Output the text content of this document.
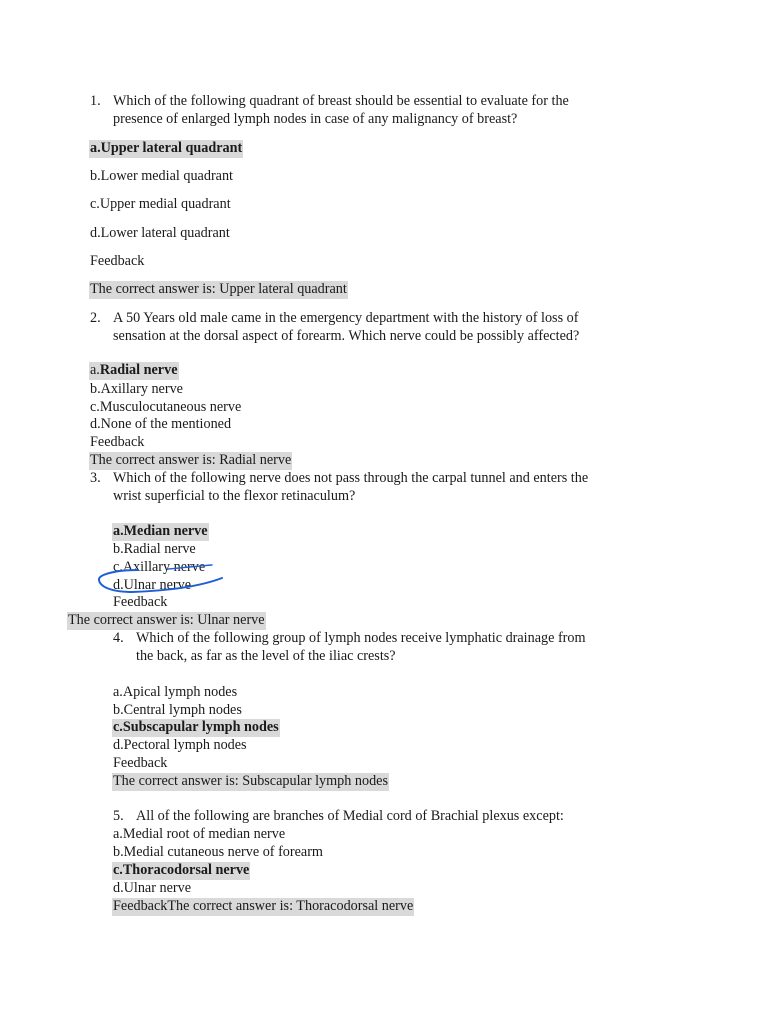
1. Which of the following quadrant of breast should be essential to evaluate for the
presence of enlarged lymph nodes in case of any malignancy of breast?
a.Upper lateral quadrant
b.Lower medial quadrant
c.Upper medial quadrant
d.Lower lateral quadrant
Feedback
The correct answer is: Upper lateral quadrant
2. A 50 Years old male came in the emergency department with the history of loss of
sensation at the dorsal aspect of forearm. Which nerve could be possibly affected?
a.Radial nerve
b.Axillary nerve
c.Musculocutaneous nerve
d.None of the mentioned
Feedback
The correct answer is: Radial nerve
3. Which of the following nerve does not pass through the carpal tunnel and enters the
wrist superficial to the flexor retinaculum?
a.Median nerve
b.Radial nerve
c.Axillary nerve
d.Ulnar nerve
Feedback
The correct answer is: Ulnar nerve
4. Which of the following group of lymph nodes receive lymphatic drainage from
the back, as far as the level of the iliac crests?
a.Apical lymph nodes
b.Central lymph nodes
c.Subscapular lymph nodes
d.Pectoral lymph nodes
Feedback
The correct answer is: Subscapular lymph nodes
5. All of the following are branches of Medial cord of Brachial plexus except:
a.Medial root of median nerve
b.Medial cutaneous nerve of forearm
c.Thoracodorsal nerve
d.Ulnar nerve
FeedbackThe correct answer is: Thoracodorsal nerve
